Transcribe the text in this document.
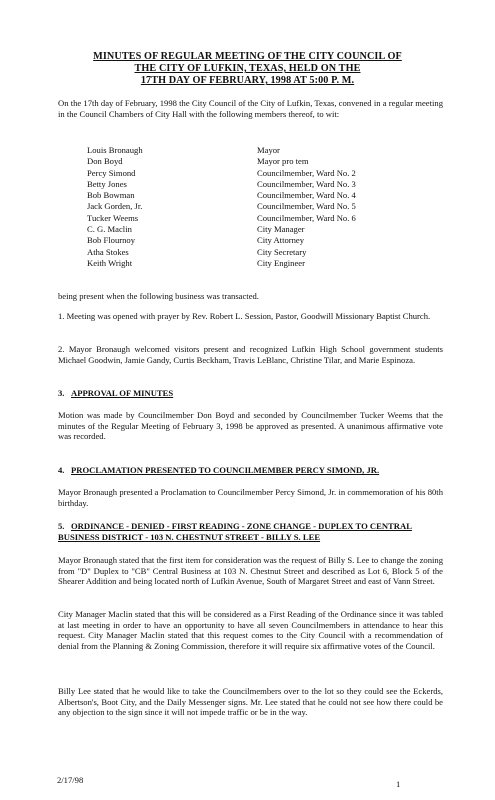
MINUTES OF REGULAR MEETING OF THE CITY COUNCIL OF
THE CITY OF LUFKIN, TEXAS, HELD ON THE
17TH DAY OF FEBRUARY, 1998 AT 5:00 P. M.

On the 17th day of February, 1998 the City Council of the City of Lufkin, Texas, convened in a regular meeting in the Council Chambers of City Hall with the following members thereof, to wit:

Louis Bronaugh	Mayor
Don Boyd	Mayor pro tem
Percy Simond	Councilmember, Ward No. 2
Betty Jones	Councilmember, Ward No. 3
Bob Bowman	Councilmember, Ward No. 4
Jack Gorden, Jr.	Councilmember, Ward No. 5
Tucker Weems	Councilmember, Ward No. 6
C. G. Maclin	City Manager
Bob Flournoy	City Attorney
Atha Stokes	City Secretary
Keith Wright	City Engineer

being present when the following business was transacted.

1. Meeting was opened with prayer by Rev. Robert L. Session, Pastor, Goodwill Missionary Baptist Church.

2. Mayor Bronaugh welcomed visitors present and recognized Lufkin High School government students Michael Goodwin, Jamie Gandy, Curtis Beckham, Travis LeBlanc, Christine Tilar, and Marie Espinoza.

3. APPROVAL OF MINUTES

Motion was made by Councilmember Don Boyd and seconded by Councilmember Tucker Weems that the minutes of the Regular Meeting of February 3, 1998 be approved as presented. A unanimous affirmative vote was recorded.

4. PROCLAMATION PRESENTED TO COUNCILMEMBER PERCY SIMOND, JR.

Mayor Bronaugh presented a Proclamation to Councilmember Percy Simond, Jr. in commemoration of his 80th birthday.

5. ORDINANCE - DENIED - FIRST READING - ZONE CHANGE - DUPLEX TO CENTRAL BUSINESS DISTRICT - 103 N. CHESTNUT STREET - BILLY S. LEE

Mayor Bronaugh stated that the first item for consideration was the request of Billy S. Lee to change the zoning from "D" Duplex to "CB" Central Business at 103 N. Chestnut Street and described as Lot 6, Block 5 of the Shearer Addition and being located north of Lufkin Avenue, South of Margaret Street and east of Vann Street.

City Manager Maclin stated that this will be considered as a First Reading of the Ordinance since it was tabled at last meeting in order to have an opportunity to have all seven Councilmembers in attendance to hear this request. City Manager Maclin stated that this request comes to the City Council with a recommendation of denial from the Planning & Zoning Commission, therefore it will require six affirmative votes of the Council.

Billy Lee stated that he would like to take the Councilmembers over to the lot so they could see the Eckerds, Albertson's, Boot City, and the Daily Messenger signs. Mr. Lee stated that he could not see how there could be any objection to the sign since it will not impede traffic or be in the way.

2/17/98	1
